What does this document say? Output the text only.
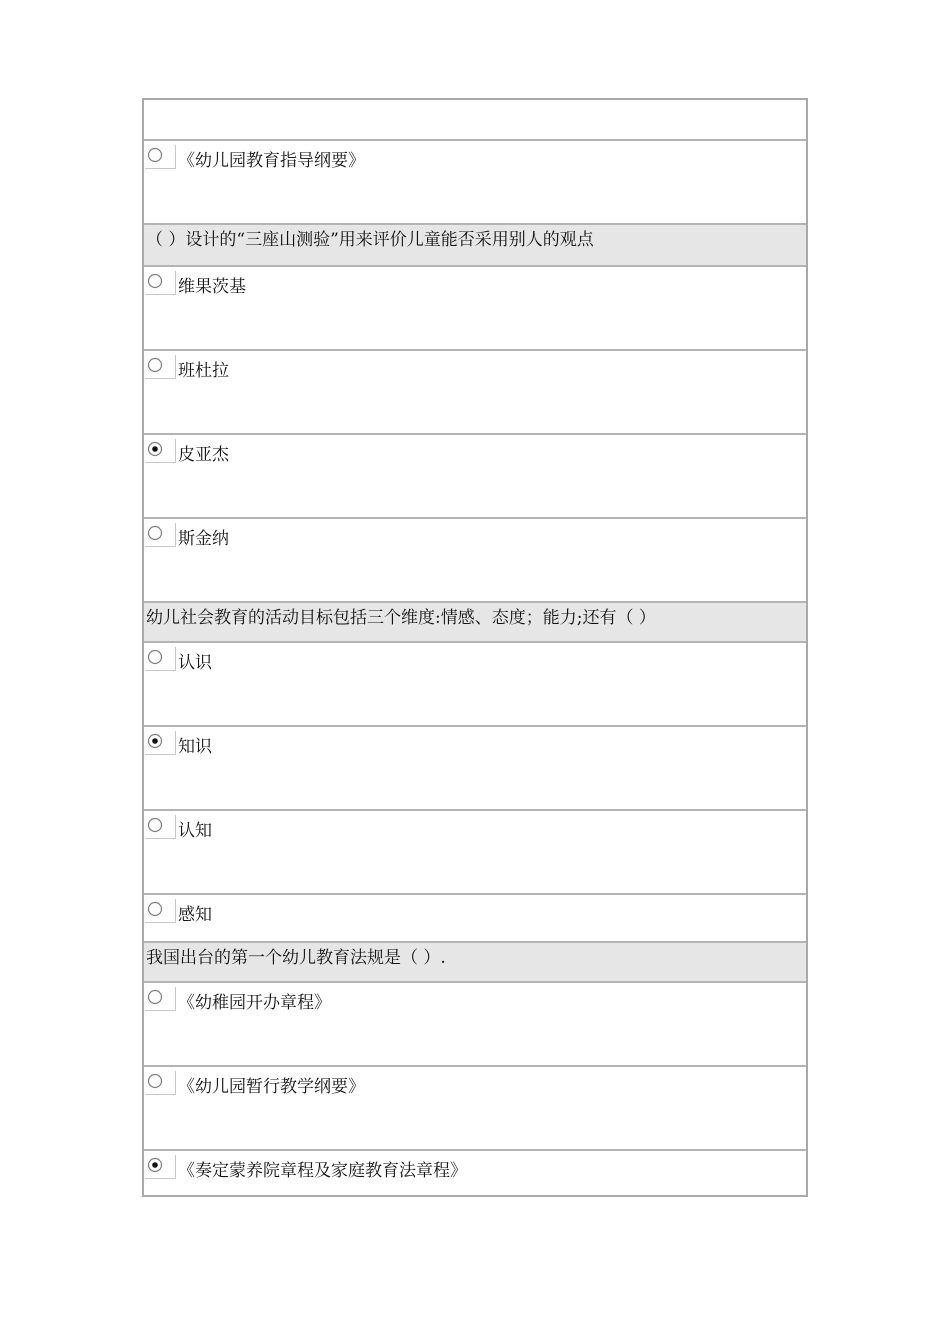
《幼儿园教育指导纲要》
（ ）设计的“三座山测验”用来评价儿童能否采用别人的观点
维果茨基
班杜拉
皮亚杰
斯金纳
幼儿社会教育的活动目标包括三个维度:情感、态度；能力;还有（ ）
认识
知识
认知
感知
我国出台的第一个幼儿教育法规是（ ）.
《幼稚园开办章程》
《幼儿园暂行教学纲要》
《奏定蒙养院章程及家庭教育法章程》
